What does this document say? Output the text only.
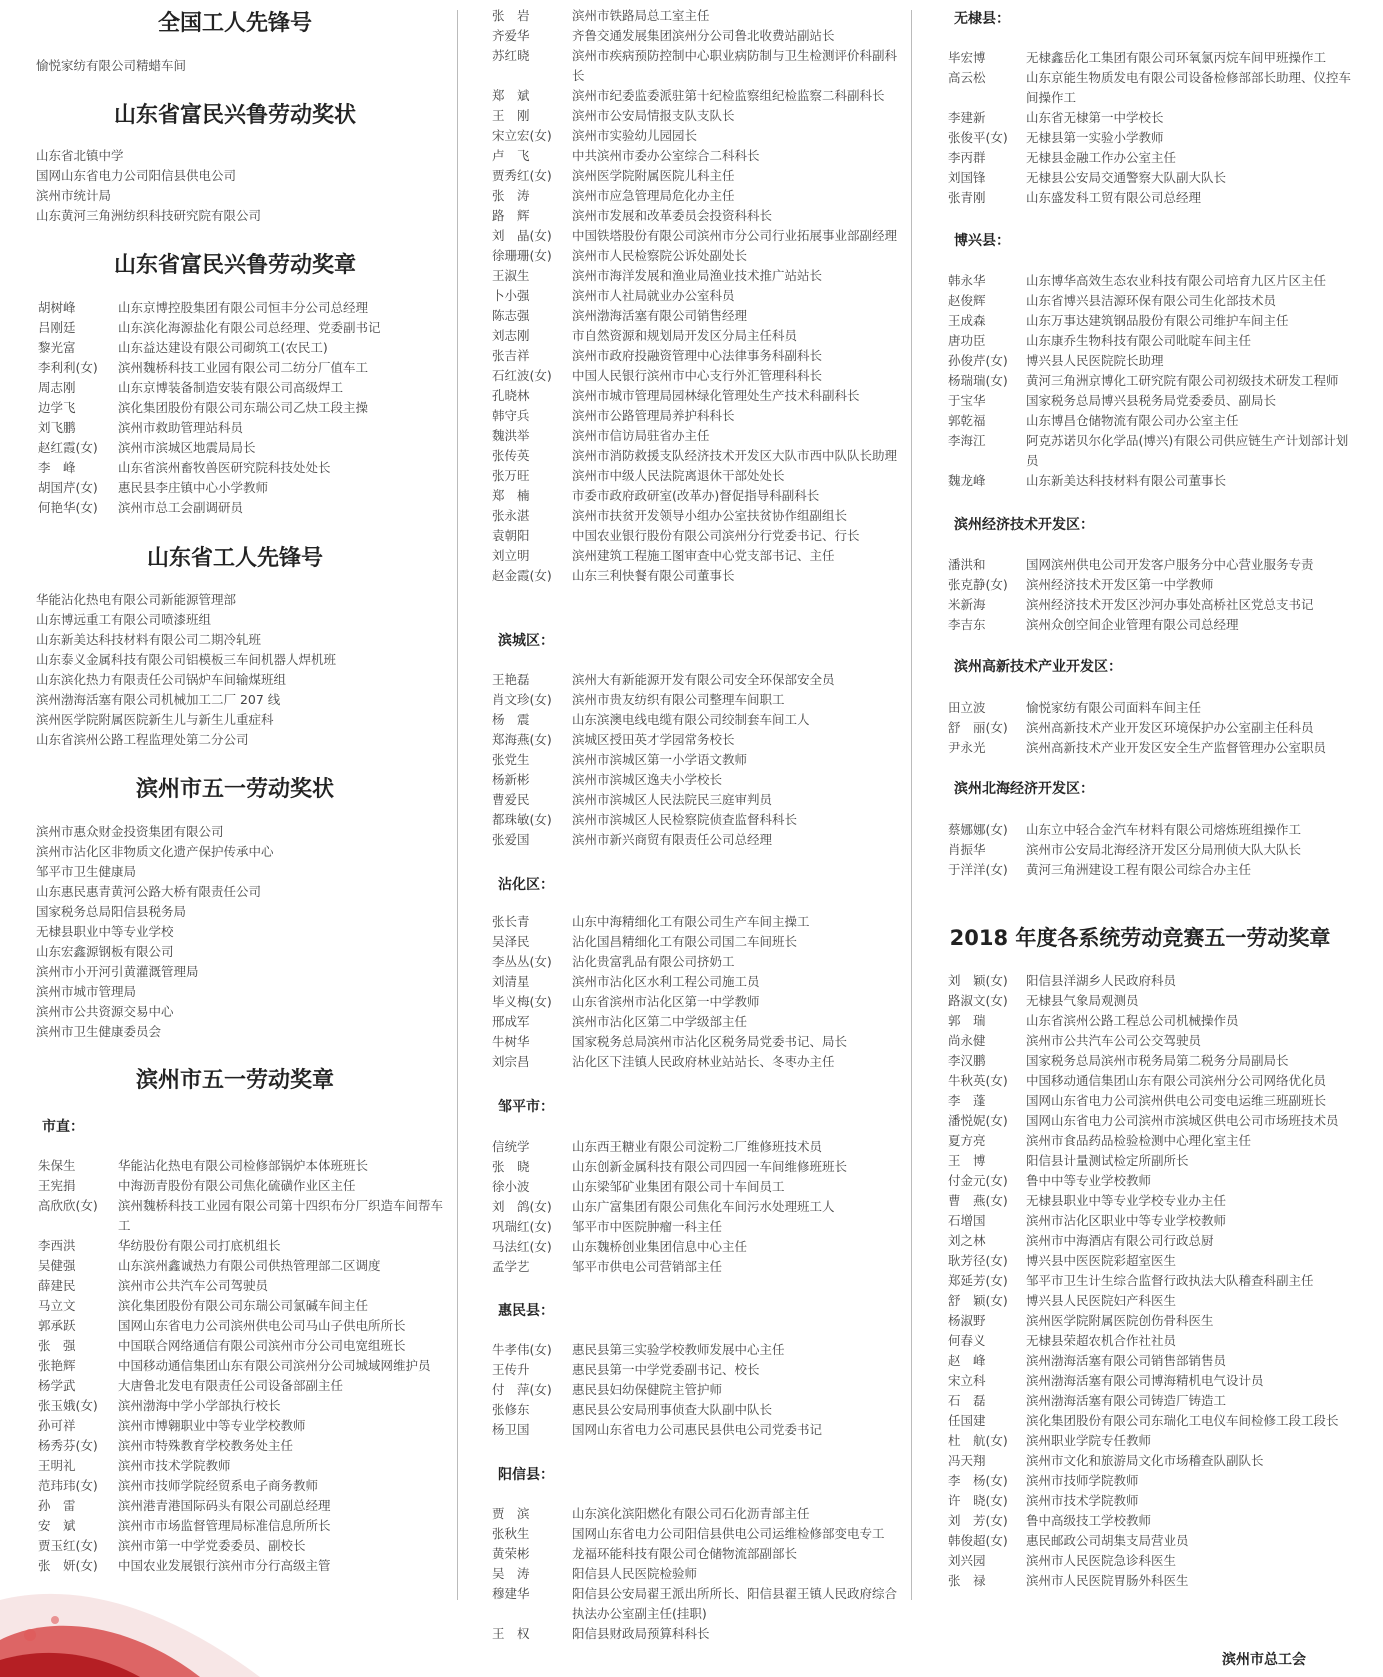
全国工人先锋号
愉悦家纺有限公司精蜡车间
山东省富民兴鲁劳动奖状
山东省北镇中学
国网山东省电力公司阳信县供电公司
滨州市统计局
山东黄河三角洲纺织科技研究院有限公司
山东省富民兴鲁劳动奖章
胡树峰	山东京博控股集团有限公司恒丰分公司总经理
吕刚廷	山东滨化海源盐化有限公司总经理、党委副书记
黎光富	山东益达建设有限公司砌筑工(农民工)
李利利(女)	滨州魏桥科技工业园有限公司二纺分厂值车工
周志刚	山东京博装备制造安装有限公司高级焊工
边学飞	滨化集团股份有限公司东瑞公司乙炔工段主操
刘飞鹏	滨州市救助管理站科员
赵红霞(女)	滨州市滨城区地震局局长
李　峰	山东省滨州畜牧兽医研究院科技处处长
胡国芹(女)	惠民县李庄镇中心小学教师
何艳华(女)	滨州市总工会副调研员
山东省工人先锋号
华能沾化热电有限公司新能源管理部
山东博远重工有限公司喷漆班组
山东新美达科技材料有限公司二期冷轧班
山东泰义金属科技有限公司铝模板三车间机器人焊机班
山东滨化热力有限责任公司锅炉车间输煤班组
滨州渤海活塞有限公司机械加工二厂 207 线
滨州医学院附属医院新生儿与新生儿重症科
山东省滨州公路工程监理处第二分公司
滨州市五一劳动奖状
滨州市惠众财金投资集团有限公司
滨州市沾化区非物质文化遗产保护传承中心
邹平市卫生健康局
山东惠民惠青黄河公路大桥有限责任公司
国家税务总局阳信县税务局
无棣县职业中等专业学校
山东宏鑫源钢板有限公司
滨州市小开河引黄灌溉管理局
滨州市城市管理局
滨州市公共资源交易中心
滨州市卫生健康委员会
滨州市五一劳动奖章
市直：
朱保生	华能沾化热电有限公司检修部锅炉本体班班长
王宪捐	中海沥青股份有限公司焦化硫磺作业区主任
高欣欣(女)	滨州魏桥科技工业园有限公司第十四织布分厂织造车间帮车工
李西洪	华纺股份有限公司打底机组长
吴健强	山东滨州鑫诚热力有限公司供热管理部二区调度
薛建民	滨州市公共汽车公司驾驶员
马立文	滨化集团股份有限公司东瑞公司氯碱车间主任
郭承跃	国网山东省电力公司滨州供电公司马山子供电所所长
张　强	中国联合网络通信有限公司滨州市分公司电宽组班长
张艳辉	中国移动通信集团山东有限公司滨州分公司城域网维护员
杨学武	大唐鲁北发电有限责任公司设备部副主任
张玉娥(女)	滨州渤海中学小学部执行校长
孙可祥	滨州市博翱职业中等专业学校教师
杨秀芬(女)	滨州市特殊教育学校教务处主任
王明礼	滨州市技术学院教师
范玮玮(女)	滨州市技师学院经贸系电子商务教师
孙　雷	滨州港青港国际码头有限公司副总经理
安　斌	滨州市市场监督管理局标准信息所所长
贾玉红(女)	滨州市第一中学党委委员、副校长
张　妍(女)	中国农业发展银行滨州市分行高级主管
张　岩	滨州市铁路局总工室主任
齐爱华	齐鲁交通发展集团滨州分公司鲁北收费站副站长
苏红晓	滨州市疾病预防控制中心职业病防制与卫生检测评价科副科长
郑　斌	滨州市纪委监委派驻第十纪检监察组纪检监察二科副科长
王　刚	滨州市公安局情报支队支队长
宋立宏(女)	滨州市实验幼儿园园长
卢　飞	中共滨州市委办公室综合二科科长
贾秀红(女)	滨州医学院附属医院儿科主任
张　涛	滨州市应急管理局危化办主任
路　辉	滨州市发展和改革委员会投资科科长
刘　晶(女)	中国铁塔股份有限公司滨州市分公司行业拓展事业部副经理
徐珊珊(女)	滨州市人民检察院公诉处副处长
王淑生	滨州市海洋发展和渔业局渔业技术推广站站长
卜小强	滨州市人社局就业办公室科员
陈志强	滨州渤海活塞有限公司销售经理
刘志刚	市自然资源和规划局开发区分局主任科员
张吉祥	滨州市政府投融资管理中心法律事务科副科长
石红波(女)	中国人民银行滨州市中心支行外汇管理科科长
孔晓林	滨州市城市管理局园林绿化管理处生产技术科副科长
韩守兵	滨州市公路管理局养护科科长
魏洪举	滨州市信访局驻省办主任
张传英	滨州市消防救援支队经济技术开发区大队市西中队队长助理
张万旺	滨州市中级人民法院离退休干部处处长
郑　楠	市委市政府政研室(改革办)督促指导科副科长
张永湛	滨州市扶贫开发领导小组办公室扶贫协作组副组长
袁朝阳	中国农业银行股份有限公司滨州分行党委书记、行长
刘立明	滨州建筑工程施工图审查中心党支部书记、主任
赵金霞(女)	山东三利快餐有限公司董事长
滨城区：
王艳磊	滨州大有新能源开发有限公司安全环保部安全员
肖文珍(女)	滨州市贵友纺织有限公司整理车间职工
杨　震	山东滨澳电线电缆有限公司绞制套车间工人
郑海燕(女)	滨城区授田英才学园常务校长
张党生	滨州市滨城区第一小学语文教师
杨新彬	滨州市滨城区逸夫小学校长
曹爱民	滨州市滨城区人民法院民三庭审判员
都珠敏(女)	滨州市滨城区人民检察院侦查监督科科长
张爱国	滨州市新兴商贸有限责任公司总经理
沾化区：
张长青	山东中海精细化工有限公司生产车间主操工
吴泽民	沾化国昌精细化工有限公司国二车间班长
李丛丛(女)	沾化贵富乳品有限公司挤奶工
刘清星	滨州市沾化区水利工程公司施工员
毕义梅(女)	山东省滨州市沾化区第一中学教师
邢成军	滨州市沾化区第二中学级部主任
牛树华	国家税务总局滨州市沾化区税务局党委书记、局长
刘宗昌	沾化区下洼镇人民政府林业站站长、冬枣办主任
邹平市：
信统学	山东西王糖业有限公司淀粉二厂维修班技术员
张　晓	山东创新金属科技有限公司四园一车间维修班班长
徐小波	山东梁邹矿业集团有限公司十车间员工
刘　鸽(女)	山东广富集团有限公司焦化车间污水处理班工人
巩瑞红(女)	邹平市中医院肿瘤一科主任
马法红(女)	山东魏桥创业集团信息中心主任
孟学艺	邹平市供电公司营销部主任
惠民县：
牛孝伟(女)	惠民县第三实验学校教师发展中心主任
王传升	惠民县第一中学党委副书记、校长
付　萍(女)	惠民县妇幼保健院主管护师
张修东	惠民县公安局刑事侦查大队副中队长
杨卫国	国网山东省电力公司惠民县供电公司党委书记
阳信县：
贾　滨	山东滨化滨阳燃化有限公司石化沥青部主任
张秋生	国网山东省电力公司阳信县供电公司运维检修部变电专工
黄荣彬	龙福环能科技有限公司仓储物流部副部长
吴　涛	阳信县人民医院检验师
穆建华	阳信县公安局翟王派出所所长、阳信县翟王镇人民政府综合执法办公室副主任(挂职)
王　权	阳信县财政局预算科科长
无棣县：
毕宏博	无棣鑫岳化工集团有限公司环氧氯丙烷车间甲班操作工
高云松	山东京能生物质发电有限公司设备检修部部长助理、仪控车间操作工
李建新	山东省无棣第一中学校长
张俊平(女)	无棣县第一实验小学教师
李丙群	无棣县金融工作办公室主任
刘国锋	无棣县公安局交通警察大队副大队长
张青刚	山东盛发科工贸有限公司总经理
博兴县：
韩永华	山东博华高效生态农业科技有限公司培育九区片区主任
赵俊辉	山东省博兴县洁源环保有限公司生化部技术员
王成森	山东万事达建筑钢品股份有限公司维护车间主任
唐功臣	山东康乔生物科技有限公司吡啶车间主任
孙俊芹(女)	博兴县人民医院院长助理
杨瑞瑞(女)	黄河三角洲京博化工研究院有限公司初级技术研发工程师
于宝华	国家税务总局博兴县税务局党委委员、副局长
郭乾福	山东博昌仓储物流有限公司办公室主任
李海江	阿克苏诺贝尔化学品(博兴)有限公司供应链生产计划部计划员
魏龙峰	山东新美达科技材料有限公司董事长
滨州经济技术开发区：
潘洪和	国网滨州供电公司开发客户服务分中心营业服务专责
张克静(女)	滨州经济技术开发区第一中学教师
米新海	滨州经济技术开发区沙河办事处高桥社区党总支书记
李吉东	滨州众创空间企业管理有限公司总经理
滨州高新技术产业开发区：
田立波	愉悦家纺有限公司面料车间主任
舒　丽(女)	滨州高新技术产业开发区环境保护办公室副主任科员
尹永光	滨州高新技术产业开发区安全生产监督管理办公室职员
滨州北海经济开发区：
蔡娜娜(女)	山东立中轻合金汽车材料有限公司熔炼班组操作工
肖振华	滨州市公安局北海经济开发区分局刑侦大队大队长
于洋洋(女)	黄河三角洲建设工程有限公司综合办主任
2018 年度各系统劳动竞赛五一劳动奖章
刘　颖(女)	阳信县洋湖乡人民政府科员
路淑文(女)	无棣县气象局观测员
郭　瑞	山东省滨州公路工程总公司机械操作员
尚永健	滨州市公共汽车公司公交驾驶员
李汉鹏	国家税务总局滨州市税务局第二税务分局副局长
牛秋英(女)	中国移动通信集团山东有限公司滨州分公司网络优化员
李　蓬	国网山东省电力公司滨州供电公司变电运维三班副班长
潘悦妮(女)	国网山东省电力公司滨州市滨城区供电公司市场班技术员
夏方亮	滨州市食品药品检验检测中心理化室主任
王　博	阳信县计量测试检定所副所长
付金元(女)	鲁中中等专业学校教师
曹　燕(女)	无棣县职业中等专业学校专业办主任
石增国	滨州市沾化区职业中等专业学校教师
刘之林	滨州市中海酒店有限公司行政总厨
耿芳径(女)	博兴县中医医院彩超室医生
郑延芳(女)	邹平市卫生计生综合监督行政执法大队稽查科副主任
舒　颖(女)	博兴县人民医院妇产科医生
杨淑野	滨州医学院附属医院创伤骨科医生
何春义	无棣县荣超农机合作社社员
赵　峰	滨州渤海活塞有限公司销售部销售员
宋立科	滨州渤海活塞有限公司博海精机电气设计员
石　磊	滨州渤海活塞有限公司铸造厂铸造工
任国建	滨化集团股份有限公司东瑞化工电仪车间检修工段工段长
杜　航(女)	滨州职业学院专任教师
冯天翔	滨州市文化和旅游局文化市场稽查队副队长
李　杨(女)	滨州市技师学院教师
许　晓(女)	滨州市技术学院教师
刘　芳(女)	鲁中高级技工学校教师
韩俊超(女)	惠民邮政公司胡集支局营业员
刘兴园	滨州市人民医院急诊科医生
张　禄	滨州市人民医院胃肠外科医生
滨州市总工会
